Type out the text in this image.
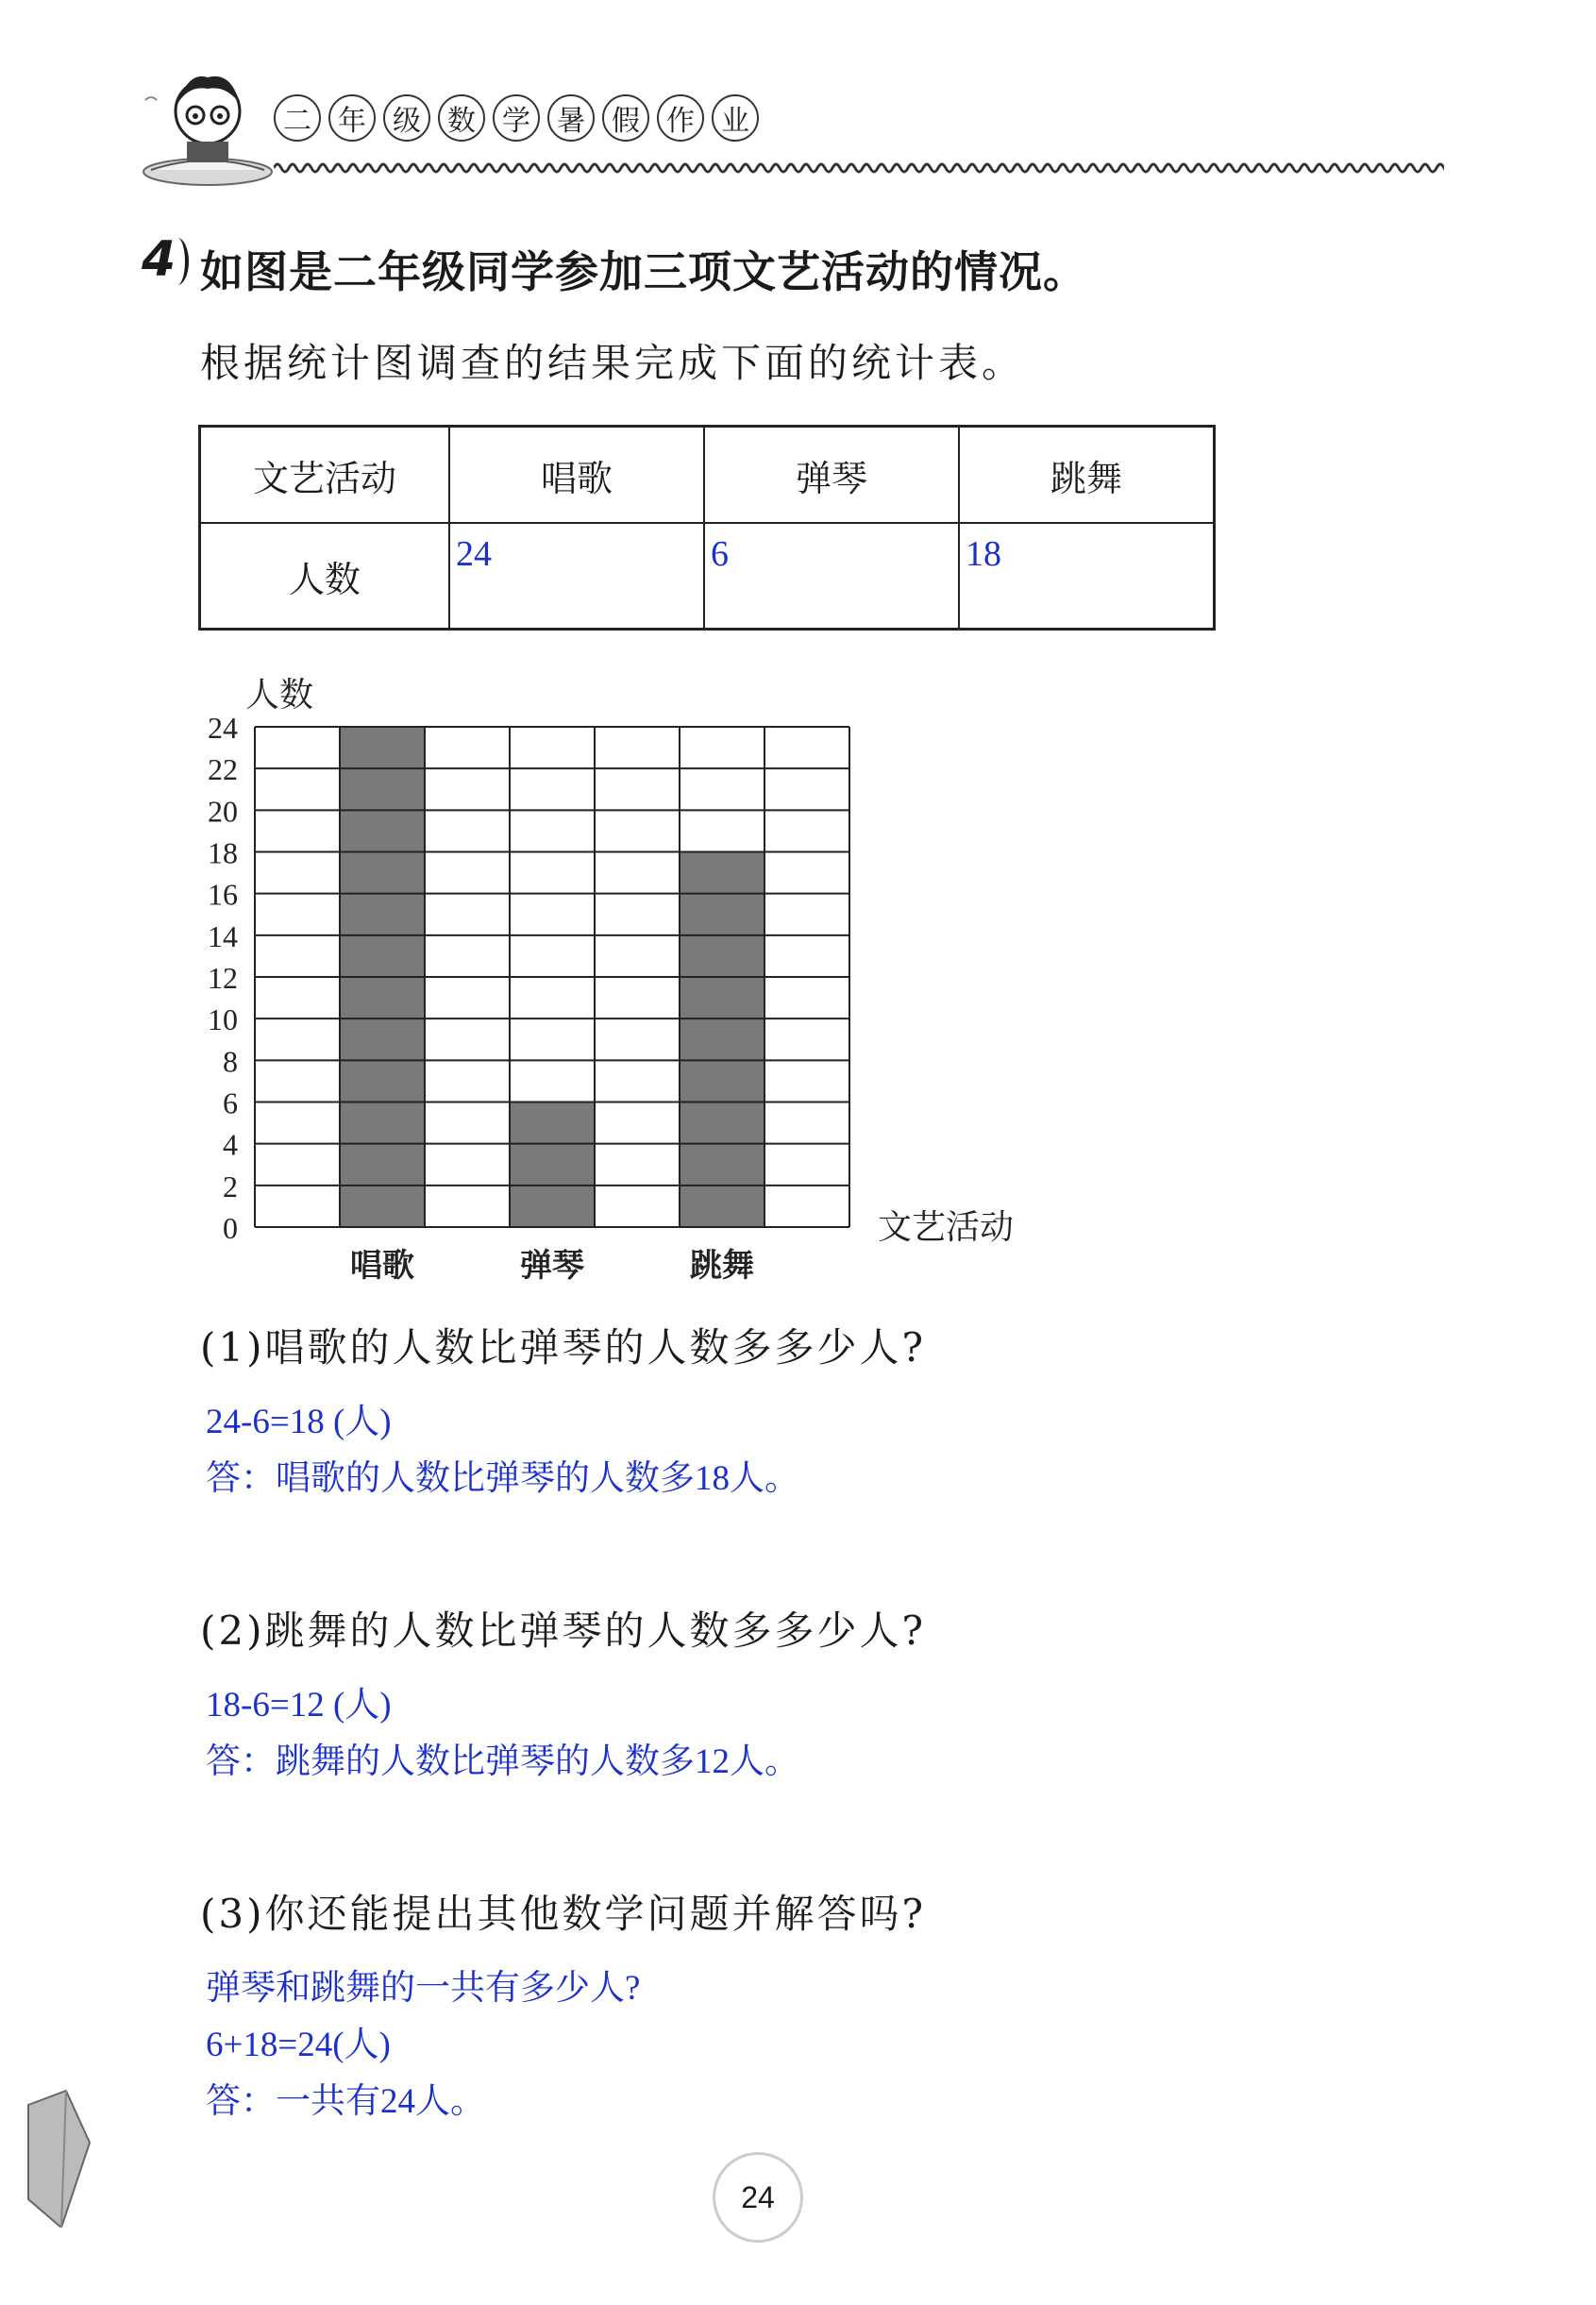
二 年 级 数 学 暑 假 作 业
4 如图是二年级同学参加三项文艺活动的情况。
根据统计图调查的结果完成下面的统计表。
文艺活动	唱歌	弹琴	跳舞
人数	24	6	18
0
2
4
6
8
10
12
14
16
18
20
22
24
唱歌	弹琴	跳舞
人数
文艺活动
(1)唱歌的人数比弹琴的人数多多少人?
24-6=18 (人)
答：唱歌的人数比弹琴的人数多18人。
(2)跳舞的人数比弹琴的人数多多少人?
18-6=12 (人)
答：跳舞的人数比弹琴的人数多12人。
(3)你还能提出其他数学问题并解答吗?
弹琴和跳舞的一共有多少人?
6+18=24(人)
答：一共有24人。
24
